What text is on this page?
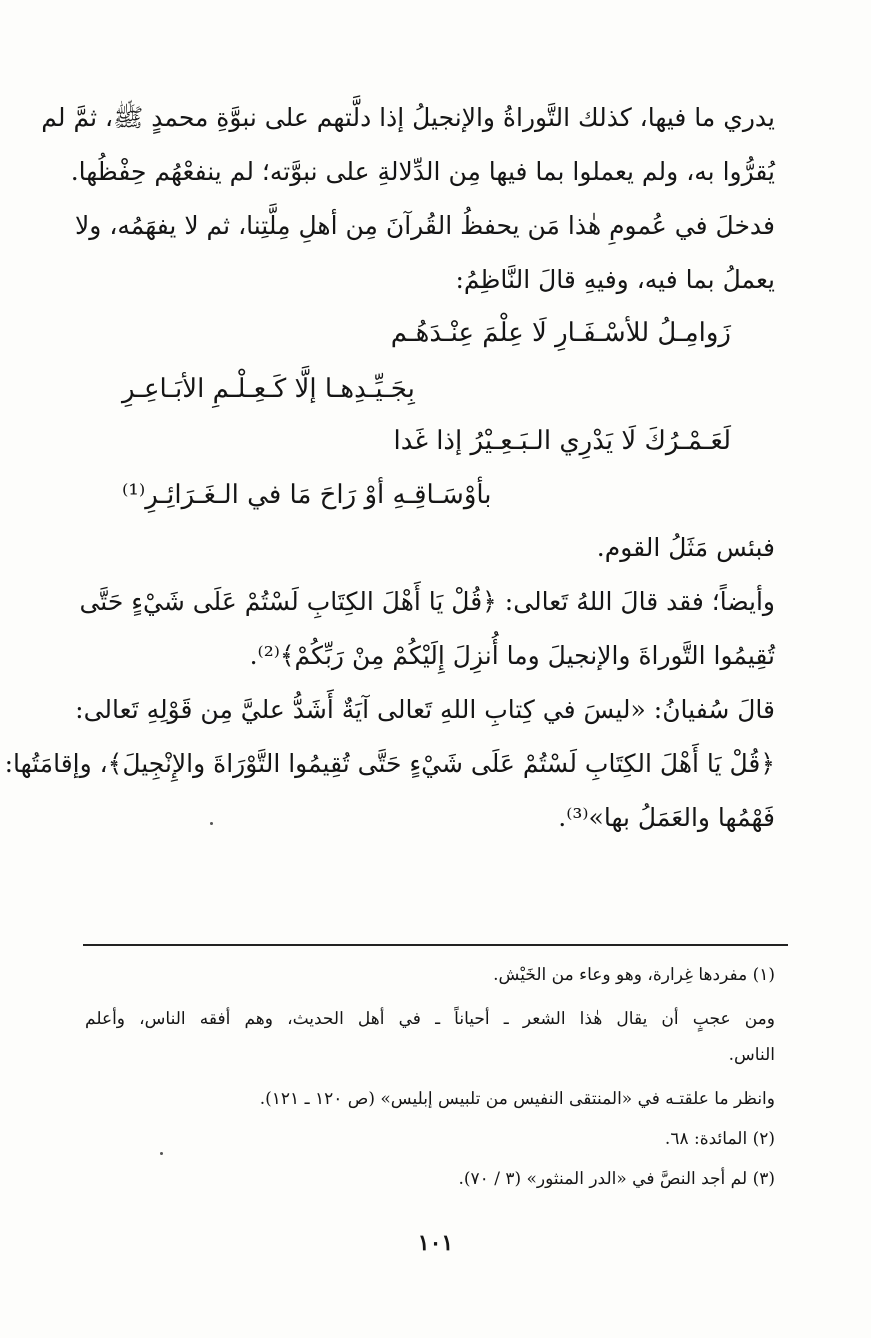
يدري ما فيها، كذلك التَّوراةُ والإنجيلُ إذا دلَّتهم على نبوَّةِ محمدٍ ﷺ، ثمَّ لم
يُقرُّوا به، ولم يعملوا بما فيها مِن الدِّلالةِ على نبوَّته؛ لم ينفعْهُم حِفْظُها.
فدخلَ في عُمومِ هٰذا مَن يحفظُ القُرآنَ مِن أهلِ مِلَّتِنا، ثم لا يفهَمُه، ولا
يعملُ بما فيه، وفيهِ قالَ النَّاظِمُ:
زَوامِـلُ للأسْـفَـارِ لَا عِلْمَ عِنْـدَهُـم
بِجَـيِّـدِهـا إلَّا كَـعِـلْـمِ الأبَـاعِـرِ
لَعَـمْـرُكَ لَا يَدْرِي الـبَـعِـيْرُ إذا غَدا
بأوْسَـاقِـهِ أوْ رَاحَ مَا في الـغَـرَائِـرِ⁽¹⁾
فبئس مَثَلُ القوم.
وأيضاً؛ فقد قالَ اللهُ تَعالى: ﴿قُلْ يَا أَهْلَ الكِتَابِ لَسْتُمْ عَلَى شَيْءٍ حَتَّى
تُقِيمُوا التَّوراةَ والإنجيلَ وما أُنزِلَ إِلَيْكُمْ مِنْ رَبِّكُمْ﴾⁽²⁾.
قالَ سُفيانُ: «ليسَ في كِتابِ اللهِ تَعالى آيَةٌ أَشَدُّ عليَّ مِن قَوْلِهِ تَعالى:
﴿قُلْ يَا أَهْلَ الكِتَابِ لَسْتُمْ عَلَى شَيْءٍ حَتَّى تُقِيمُوا التَّوْرَاةَ والإِنْجِيلَ﴾، وإقامَتُها:
فَهْمُها والعَمَلُ بها»⁽³⁾.
(١) مفردها غِرارة، وهو وعاء من الخَيْش.
ومن عجبٍ أن يقال هٰذا الشعر ـ أحياناً ـ في أهل الحديث، وهم أفقه الناس، وأعلم
الناس.
وانظر ما علقتـه في «المنتقى النفيس من تلبيس إبليس» (ص ١٢٠ ـ ١٢١).
(٢) المائدة: ٦٨.
(٣) لم أجد النصَّ في «الدر المنثور» (٣ / ٧٠).
١٠١
